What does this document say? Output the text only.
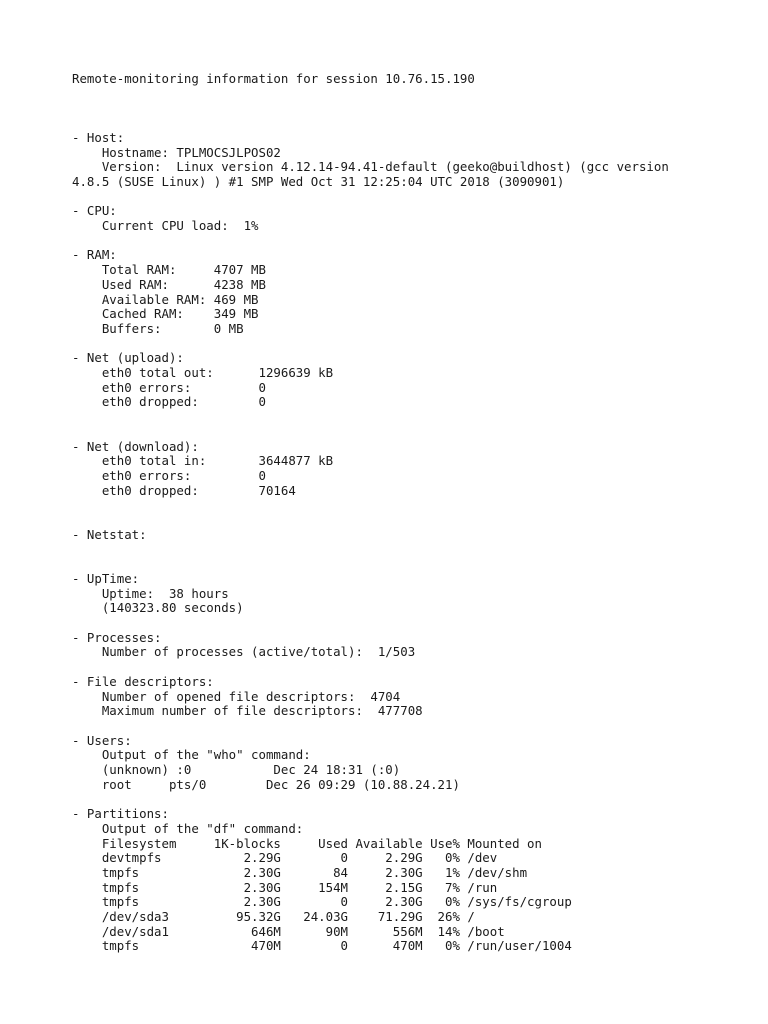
Remote-monitoring information for session 10.76.15.190

- Host:
Hostname: TPLMOCSJLPOS02
Version:  Linux version 4.12.14-94.41-default (geeko@buildhost) (gcc version
4.8.5 (SUSE Linux) ) #1 SMP Wed Oct 31 12:25:04 UTC 2018 (3090901)

- CPU:
Current CPU load:  1%

- RAM:
Total RAM:     4707 MB
Used RAM:      4238 MB
Available RAM: 469 MB
Cached RAM:    349 MB
Buffers:       0 MB

- Net (upload):
eth0 total out:      1296639 kB
eth0 errors:         0
eth0 dropped:        0

- Net (download):
eth0 total in:       3644877 kB
eth0 errors:         0
eth0 dropped:        70164

- Netstat:

- UpTime:
Uptime:  38 hours
(140323.80 seconds)

- Processes:
Number of processes (active/total):  1/503

- File descriptors:
Number of opened file descriptors:  4704
Maximum number of file descriptors:  477708

- Users:
Output of the "who" command:
(unknown) :0           Dec 24 18:31 (:0)
root     pts/0        Dec 26 09:29 (10.88.24.21)

- Partitions:
Output of the "df" command:
Filesystem     1K-blocks     Used Available Use% Mounted on
devtmpfs           2.29G        0     2.29G   0% /dev
tmpfs              2.30G       84     2.30G   1% /dev/shm
tmpfs              2.30G     154M     2.15G   7% /run
tmpfs              2.30G        0     2.30G   0% /sys/fs/cgroup
/dev/sda3         95.32G   24.03G    71.29G  26% /
/dev/sda1           646M      90M      556M  14% /boot
tmpfs               470M        0      470M   0% /run/user/1004
